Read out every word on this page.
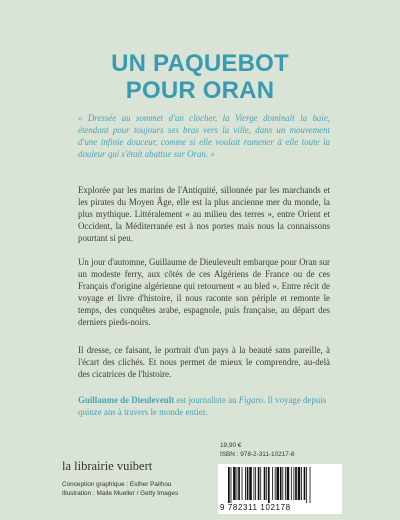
UN PAQUEBOT
POUR ORAN
« Dressée au sommet d'un clocher, la Vierge dominait la baie, étendant pour toujours ses bras vers la ville, dans un mouvement d'une infinie douceur, comme si elle voulait ramener à elle toute la douleur qui s'était abattue sur Oran. »
Explorée par les marins de l'Antiquité, sillonnée par les marchands et les pirates du Moyen Âge, elle est la plus ancienne mer du monde, la plus mythique. Littéralement « au milieu des terres », entre Orient et Occident, la Méditerranée est à nos portes mais nous la connaissons pourtant si peu.
Un jour d'automne, Guillaume de Dieuleveult embarque pour Oran sur un modeste ferry, aux côtés de ces Algériens de France ou de ces Français d'origine algérienne qui retournent « au bled ». Entre récit de voyage et livre d'histoire, il nous raconte son périple et remonte le temps, des conquêtes arabe, espagnole, puis française, au départ des derniers pieds-noirs.
Il dresse, ce faisant, le portrait d'un pays à la beauté sans pareille, à l'écart des clichés. Et nous permet de mieux le comprendre, au-delà des cicatrices de l'histoire.
Guillaume de Dieuleveult est journaliste au Figaro. Il voyage depuis quinze ans à travers le monde entier.
la librairie vuibert
Conception graphique : Esther Pailhou
Illustration : Maite Mueller / Getty Images
19,90 €
ISBN : 978-2-311-10217-8
9 782311 102178
